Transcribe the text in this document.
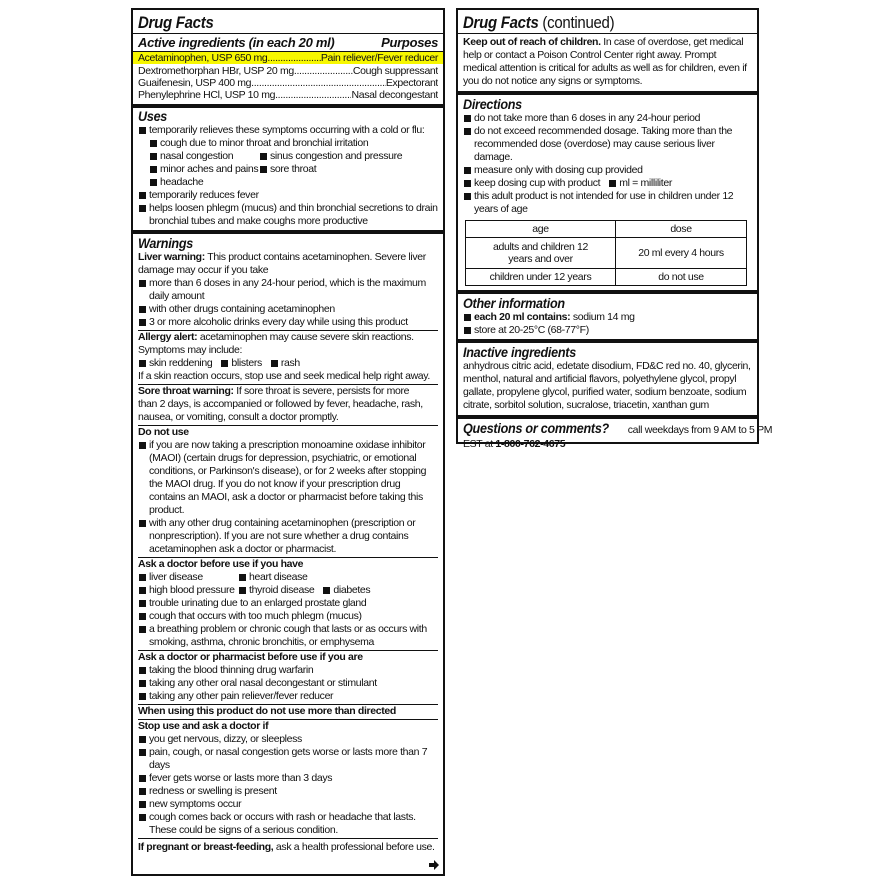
Drug Facts
Active ingredients (in each 20 ml)	Purposes
Acetaminophen, USP 650 mg .....	Pain reliever/Fever reducer
Dextromethorphan HBr, USP 20 mg .....	Cough suppressant
Guaifenesin, USP 400 mg .....	Expectorant
Phenylephrine HCl, USP 10 mg .....	Nasal decongestant
Uses
temporarily relieves these symptoms occurring with a cold or flu:
cough due to minor throat and bronchial irritation
nasal congestion	sinus congestion and pressure
minor aches and pains sore throat
headache
temporarily reduces fever
helps loosen phlegm (mucus) and thin bronchial secretions to drain bronchial tubes and make coughs more productive
Warnings
Liver warning: This product contains acetaminophen. Severe liver damage may occur if you take
more than 6 doses in any 24-hour period, which is the maximum daily amount
with other drugs containing acetaminophen
3 or more alcoholic drinks every day while using this product
Allergy alert: acetaminophen may cause severe skin reactions. Symptoms may include:
skin reddening blisters rash
If a skin reaction occurs, stop use and seek medical help right away.
Sore throat warning: If sore throat is severe, persists for more than 2 days, is accompanied or followed by fever, headache, rash, nausea, or vomiting, consult a doctor promptly.
Do not use
if you are now taking a prescription monoamine oxidase inhibitor (MAOI) (certain drugs for depression, psychiatric, or emotional conditions, or Parkinson's disease), or for 2 weeks after stopping the MAOI drug. If you do not know if your prescription drug contains an MAOI, ask a doctor or pharmacist before taking this product.
with any other drug containing acetaminophen (prescription or nonprescription). If you are not sure whether a drug contains acetaminophen ask a doctor or pharmacist.
Ask a doctor before use if you have
liver disease	heart disease
high blood pressure thyroid disease diabetes
trouble urinating due to an enlarged prostate gland
cough that occurs with too much phlegm (mucus)
a breathing problem or chronic cough that lasts or as occurs with smoking, asthma, chronic bronchitis, or emphysema
Ask a doctor or pharmacist before use if you are
taking the blood thinning drug warfarin
taking any other oral nasal decongestant or stimulant
taking any other pain reliever/fever reducer
When using this product do not use more than directed
Stop use and ask a doctor if
you get nervous, dizzy, or sleepless
pain, cough, or nasal congestion gets worse or lasts more than 7 days
fever gets worse or lasts more than 3 days
redness or swelling is present
new symptoms occur
cough comes back or occurs with rash or headache that lasts. These could be signs of a serious condition.
If pregnant or breast-feeding, ask a health professional before use.
Drug Facts (continued)
Keep out of reach of children. In case of overdose, get medical help or contact a Poison Control Center right away. Prompt medical attention is critical for adults as well as for children, even if you do not notice any signs or symptoms.
Directions
do not take more than 6 doses in any 24-hour period
do not exceed recommended dosage. Taking more than the recommended dose (overdose) may cause serious liver damage.
measure only with dosing cup provided
keep dosing cup with product ml = milliliter
this adult product is not intended for use in children under 12 years of age
age	dose
adults and children 12 years and over	20 ml every 4 hours
children under 12 years	do not use
Other information
each 20 ml contains: sodium 14 mgstore at 20-25°C (68-77°F)
Inactive ingredients
anhydrous citric acid, edetate disodium, FD&C red no. 40, glycerin, menthol, natural and artificial flavors, polyethylene glycol, propyl gallate, propylene glycol, purified water, sodium benzoate, sodium citrate, sorbitol solution, sucralose, triacetin, xanthan gum
Questions or comments? call weekdays from 9 AM to 5 PM
EST at 1-800-762-4675
